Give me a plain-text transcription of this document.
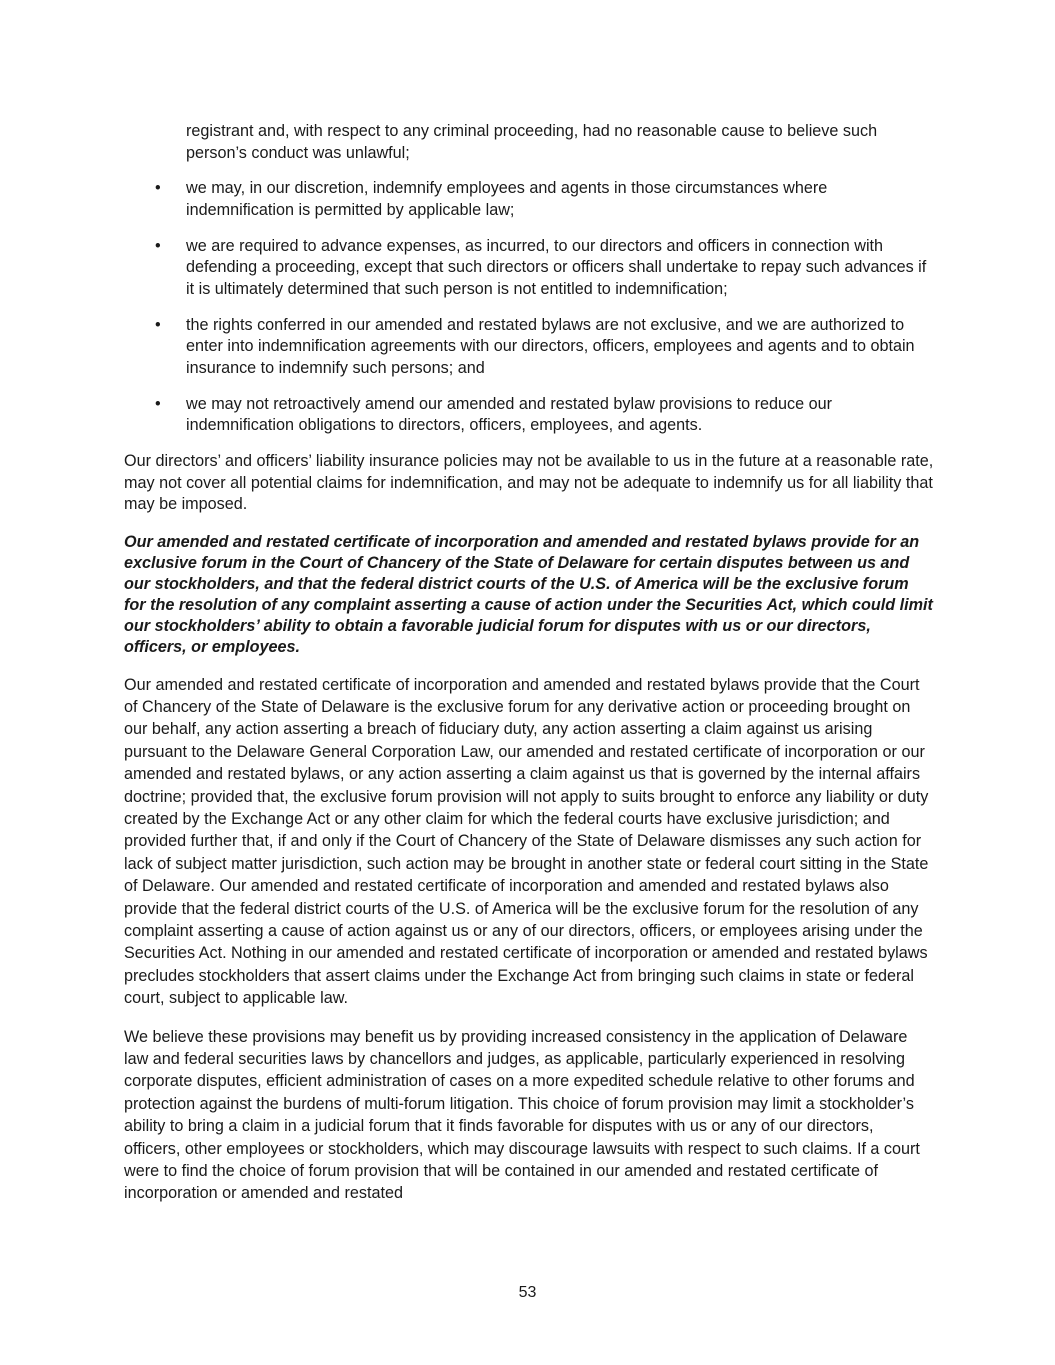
registrant and, with respect to any criminal proceeding, had no reasonable cause to believe such person’s conduct was unlawful;

• we may, in our discretion, indemnify employees and agents in those circumstances where indemnification is permitted by applicable law;
• we are required to advance expenses, as incurred, to our directors and officers in connection with defending a proceeding, except that such directors or officers shall undertake to repay such advances if it is ultimately determined that such person is not entitled to indemnification;
• the rights conferred in our amended and restated bylaws are not exclusive, and we are authorized to enter into indemnification agreements with our directors, officers, employees and agents and to obtain insurance to indemnify such persons; and
• we may not retroactively amend our amended and restated bylaw provisions to reduce our indemnification obligations to directors, officers, employees, and agents.

Our directors’ and officers’ liability insurance policies may not be available to us in the future at a reasonable rate, may not cover all potential claims for indemnification, and may not be adequate to indemnify us for all liability that may be imposed.

Our amended and restated certificate of incorporation and amended and restated bylaws provide for an exclusive forum in the Court of Chancery of the State of Delaware for certain disputes between us and our stockholders, and that the federal district courts of the U.S. of America will be the exclusive forum for the resolution of any complaint asserting a cause of action under the Securities Act, which could limit our stockholders’ ability to obtain a favorable judicial forum for disputes with us or our directors, officers, or employees.

Our amended and restated certificate of incorporation and amended and restated bylaws provide that the Court of Chancery of the State of Delaware is the exclusive forum for any derivative action or proceeding brought on our behalf, any action asserting a breach of fiduciary duty, any action asserting a claim against us arising pursuant to the Delaware General Corporation Law, our amended and restated certificate of incorporation or our amended and restated bylaws, or any action asserting a claim against us that is governed by the internal affairs doctrine; provided that, the exclusive forum provision will not apply to suits brought to enforce any liability or duty created by the Exchange Act or any other claim for which the federal courts have exclusive jurisdiction; and provided further that, if and only if the Court of Chancery of the State of Delaware dismisses any such action for lack of subject matter jurisdiction, such action may be brought in another state or federal court sitting in the State of Delaware. Our amended and restated certificate of incorporation and amended and restated bylaws also provide that the federal district courts of the U.S. of America will be the exclusive forum for the resolution of any complaint asserting a cause of action against us or any of our directors, officers, or employees arising under the Securities Act. Nothing in our amended and restated certificate of incorporation or amended and restated bylaws precludes stockholders that assert claims under the Exchange Act from bringing such claims in state or federal court, subject to applicable law.

We believe these provisions may benefit us by providing increased consistency in the application of Delaware law and federal securities laws by chancellors and judges, as applicable, particularly experienced in resolving corporate disputes, efficient administration of cases on a more expedited schedule relative to other forums and protection against the burdens of multi-forum litigation. This choice of forum provision may limit a stockholder’s ability to bring a claim in a judicial forum that it finds favorable for disputes with us or any of our directors, officers, other employees or stockholders, which may discourage lawsuits with respect to such claims. If a court were to find the choice of forum provision that will be contained in our amended and restated certificate of incorporation or amended and restated

53
